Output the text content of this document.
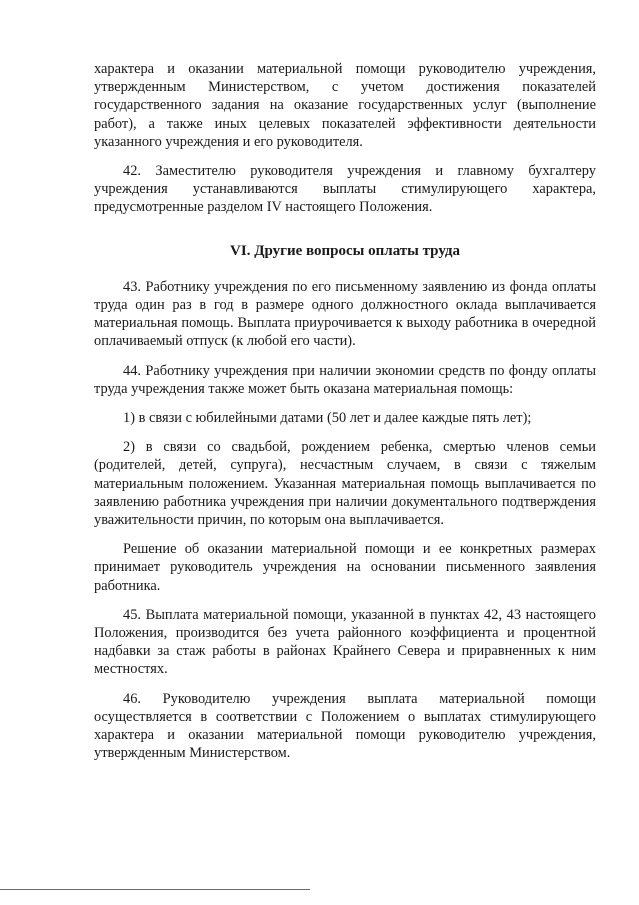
характера и оказании материальной помощи руководителю учреждения, утвержденным Министерством, с учетом достижения показателей государственного задания на оказание государственных услуг (выполнение работ), а также иных целевых показателей эффективности деятельности указанного учреждения и его руководителя.

42. Заместителю руководителя учреждения и главному бухгалтеру учреждения устанавливаются выплаты стимулирующего характера, предусмотренные разделом IV настоящего Положения.

VI. Другие вопросы оплаты труда

43. Работнику учреждения по его письменному заявлению из фонда оплаты труда один раз в год в размере одного должностного оклада выплачивается материальная помощь. Выплата приурочивается к выходу работника в очередной оплачиваемый отпуск (к любой его части).

44. Работнику учреждения при наличии экономии средств по фонду оплаты труда учреждения также может быть оказана материальная помощь:

1) в связи с юбилейными датами (50 лет и далее каждые пять лет);

2) в связи со свадьбой, рождением ребенка, смертью членов семьи (родителей, детей, супруга), несчастным случаем, в связи с тяжелым материальным положением. Указанная материальная помощь выплачивается по заявлению работника учреждения при наличии документального подтверждения уважительности причин, по которым она выплачивается.

Решение об оказании материальной помощи и ее конкретных размерах принимает руководитель учреждения на основании письменного заявления работника.

45. Выплата материальной помощи, указанной в пунктах 42, 43 настоящего Положения, производится без учета районного коэффициента и процентной надбавки за стаж работы в районах Крайнего Севера и приравненных к ним местностях.

46. Руководителю учреждения выплата материальной помощи осуществляется в соответствии с Положением о выплатах стимулирующего характера и оказании материальной помощи руководителю учреждения, утвержденным Министерством.
